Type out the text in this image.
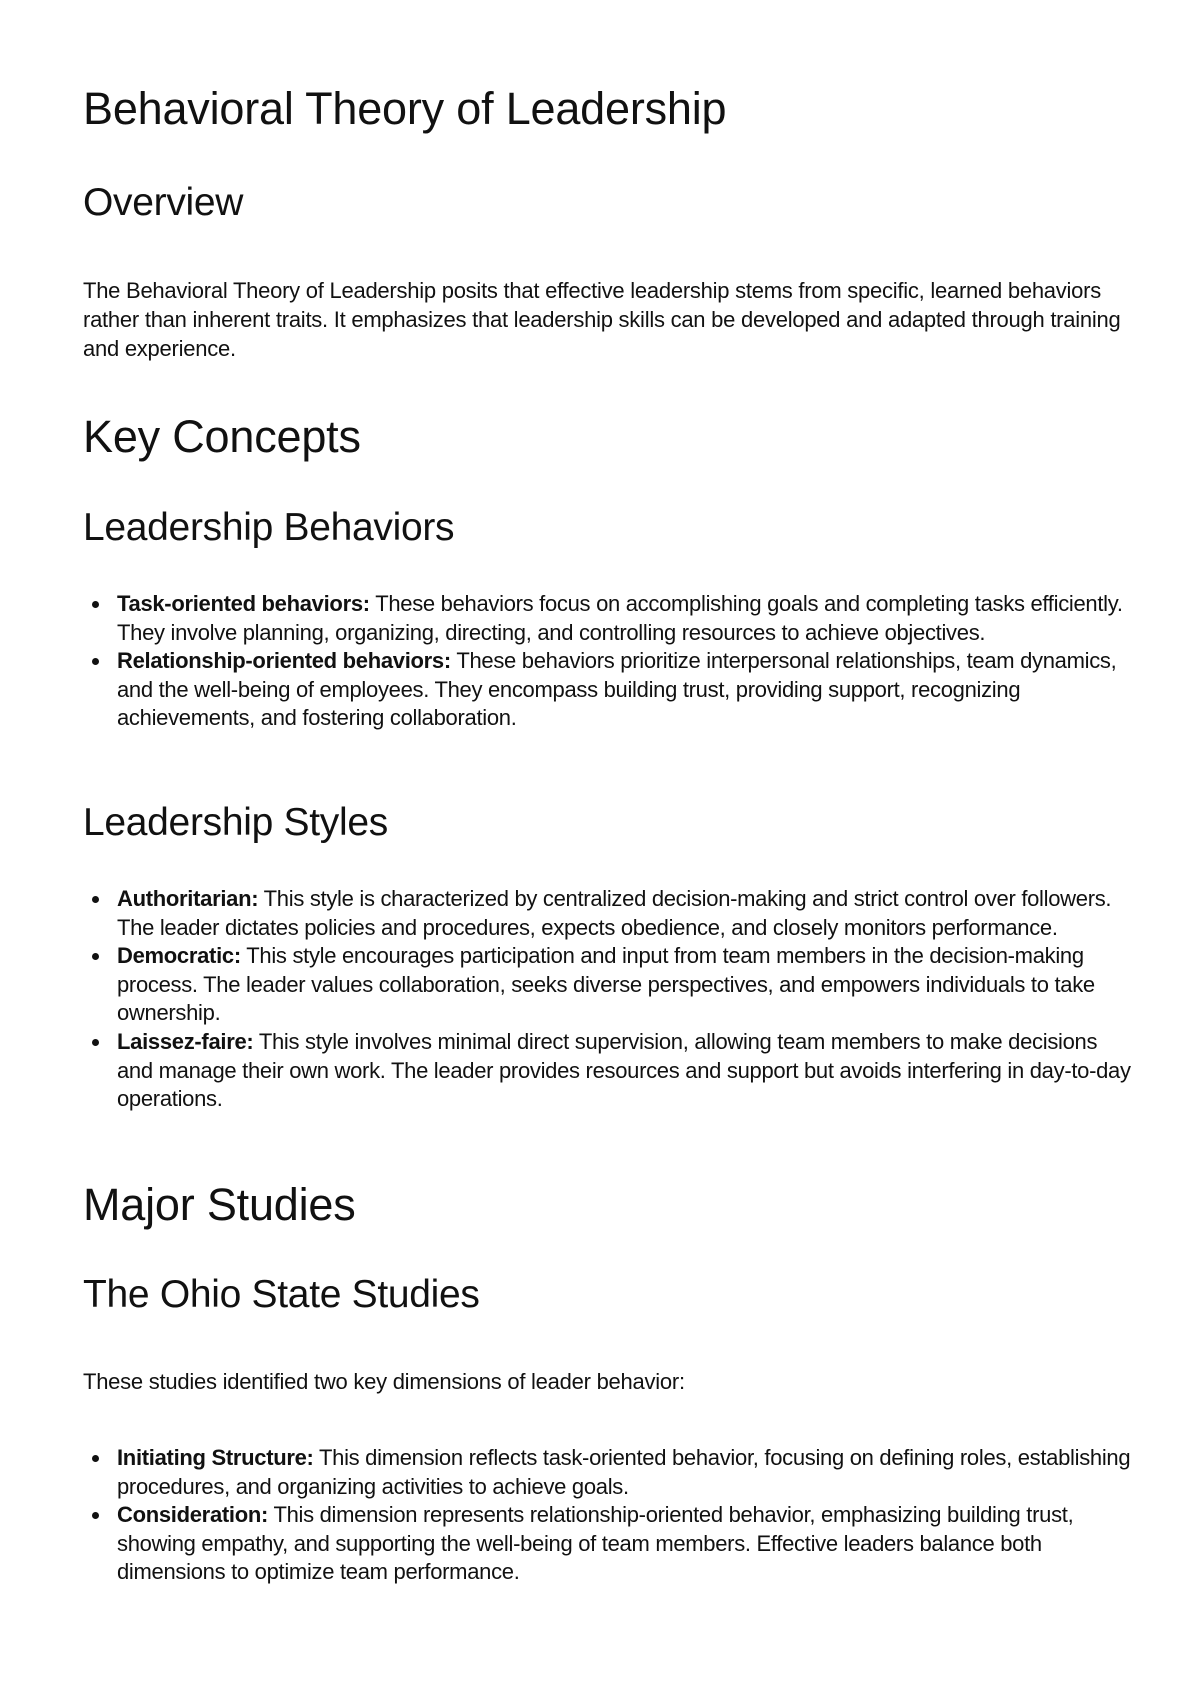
Behavioral Theory of Leadership
Overview

The Behavioral Theory of Leadership posits that effective leadership stems from specific, learned behaviors rather than inherent traits. It emphasizes that leadership skills can be developed and adapted through training and experience.

Key Concepts
Leadership Behaviors
Task-oriented behaviors: These behaviors focus on accomplishing goals and completing tasks efficiently. They involve planning, organizing, directing, and controlling resources to achieve objectives.
Relationship-oriented behaviors: These behaviors prioritize interpersonal relationships, team dynamics, and the well-being of employees. They encompass building trust, providing support, recognizing achievements, and fostering collaboration.
Leadership Styles
Authoritarian: This style is characterized by centralized decision-making and strict control over followers. The leader dictates policies and procedures, expects obedience, and closely monitors performance.
Democratic: This style encourages participation and input from team members in the decision-making process. The leader values collaboration, seeks diverse perspectives, and empowers individuals to take ownership.
Laissez-faire: This style involves minimal direct supervision, allowing team members to make decisions and manage their own work. The leader provides resources and support but avoids interfering in day-to-day operations.
Major Studies
The Ohio State Studies

These studies identified two key dimensions of leader behavior:

Initiating Structure: This dimension reflects task-oriented behavior, focusing on defining roles, establishing procedures, and organizing activities to achieve goals.
Consideration: This dimension represents relationship-oriented behavior, emphasizing building trust, showing empathy, and supporting the well-being of team members. Effective leaders balance both dimensions to optimize team performance.
